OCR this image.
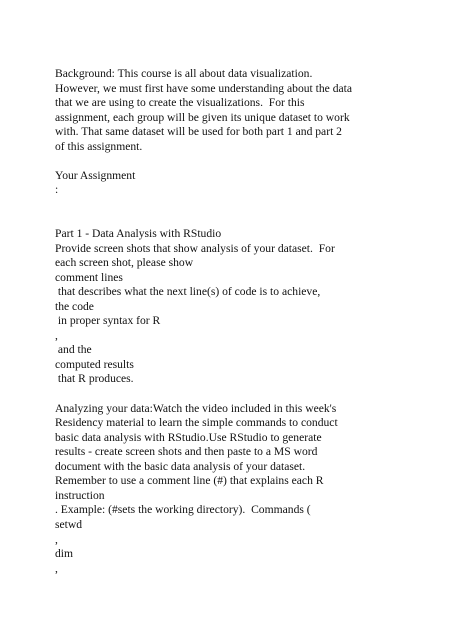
Background: This course is all about data visualization.
However, we must first have some understanding about the data
that we are using to create the visualizations.  For this
assignment, each group will be given its unique dataset to work
with. That same dataset will be used for both part 1 and part 2
of this assignment.
Your Assignment
:
Part 1 - Data Analysis with RStudio
Provide screen shots that show analysis of your dataset.  For
each screen shot, please show
comment lines
that describes what the next line(s) of code is to achieve,
the code
in proper syntax for R
,
and the
computed results
that R produces.
Analyzing your data:Watch the video included in this week's
Residency material to learn the simple commands to conduct
basic data analysis with RStudio.Use RStudio to generate
results - create screen shots and then paste to a MS word
document with the basic data analysis of your dataset.
Remember to use a comment line (#) that explains each R
instruction
. Example: (#sets the working directory).  Commands (
setwd
,
dim
,
